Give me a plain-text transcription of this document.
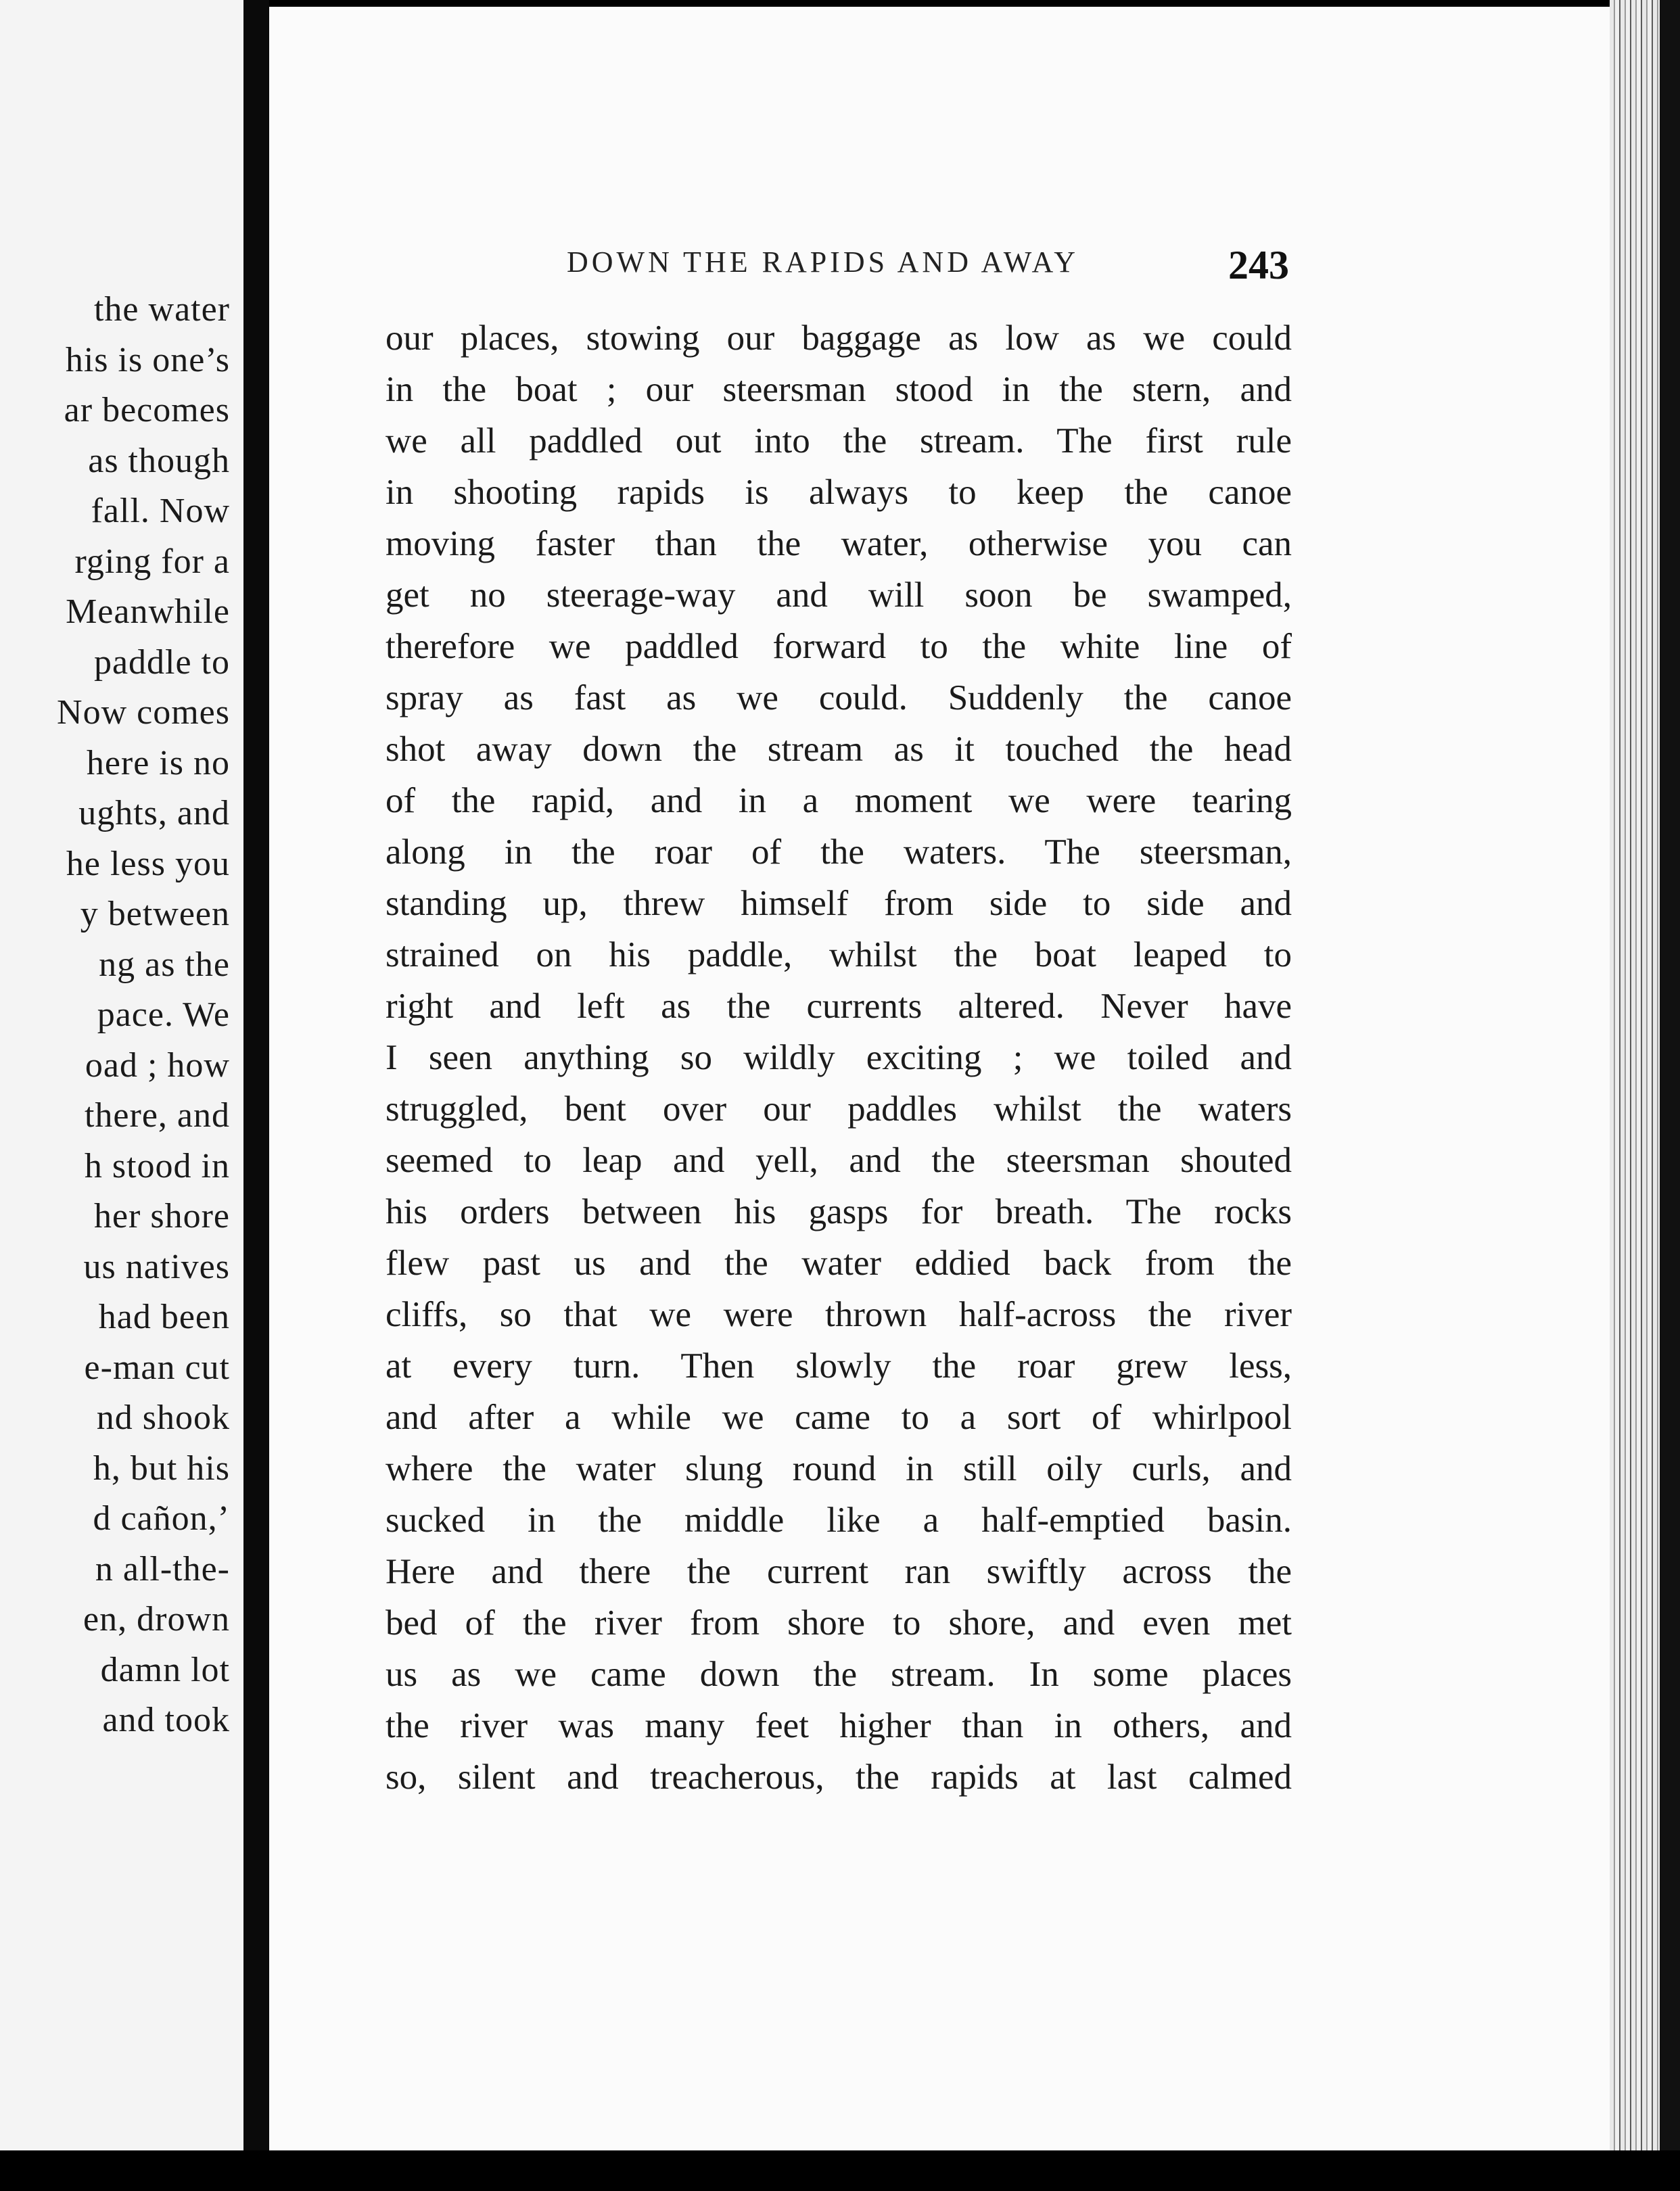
the water
his is one’s
ar becomes
as though
fall. Now
rging for a
Meanwhile
paddle to
Now comes
here is no
ughts, and
he less you
y between
ng as the
pace. We
oad ; how
there, and
h stood in
her shore
us natives
had been
e-man cut
nd shook
h, but his
d cañon,’
n all-the-
en, drown
damn lot
and took
DOWN THE RAPIDS AND AWAY	243
our places, stowing our baggage as low as we could
in the boat ; our steersman stood in the stern, and
we all paddled out into the stream. The first rule
in shooting rapids is always to keep the canoe
moving faster than the water, otherwise you can
get no steerage-way and will soon be swamped,
therefore we paddled forward to the white line of
spray as fast as we could. Suddenly the canoe
shot away down the stream as it touched the head
of the rapid, and in a moment we were tearing
along in the roar of the waters. The steersman,
standing up, threw himself from side to side and
strained on his paddle, whilst the boat leaped to
right and left as the currents altered. Never have
I seen anything so wildly exciting ; we toiled and
struggled, bent over our paddles whilst the waters
seemed to leap and yell, and the steersman shouted
his orders between his gasps for breath. The rocks
flew past us and the water eddied back from the
cliffs, so that we were thrown half-across the river
at every turn. Then slowly the roar grew less,
and after a while we came to a sort of whirlpool
where the water slung round in still oily curls, and
sucked in the middle like a half-emptied basin.
Here and there the current ran swiftly across the
bed of the river from shore to shore, and even met
us as we came down the stream. In some places
the river was many feet higher than in others, and
so, silent and treacherous, the rapids at last calmed
